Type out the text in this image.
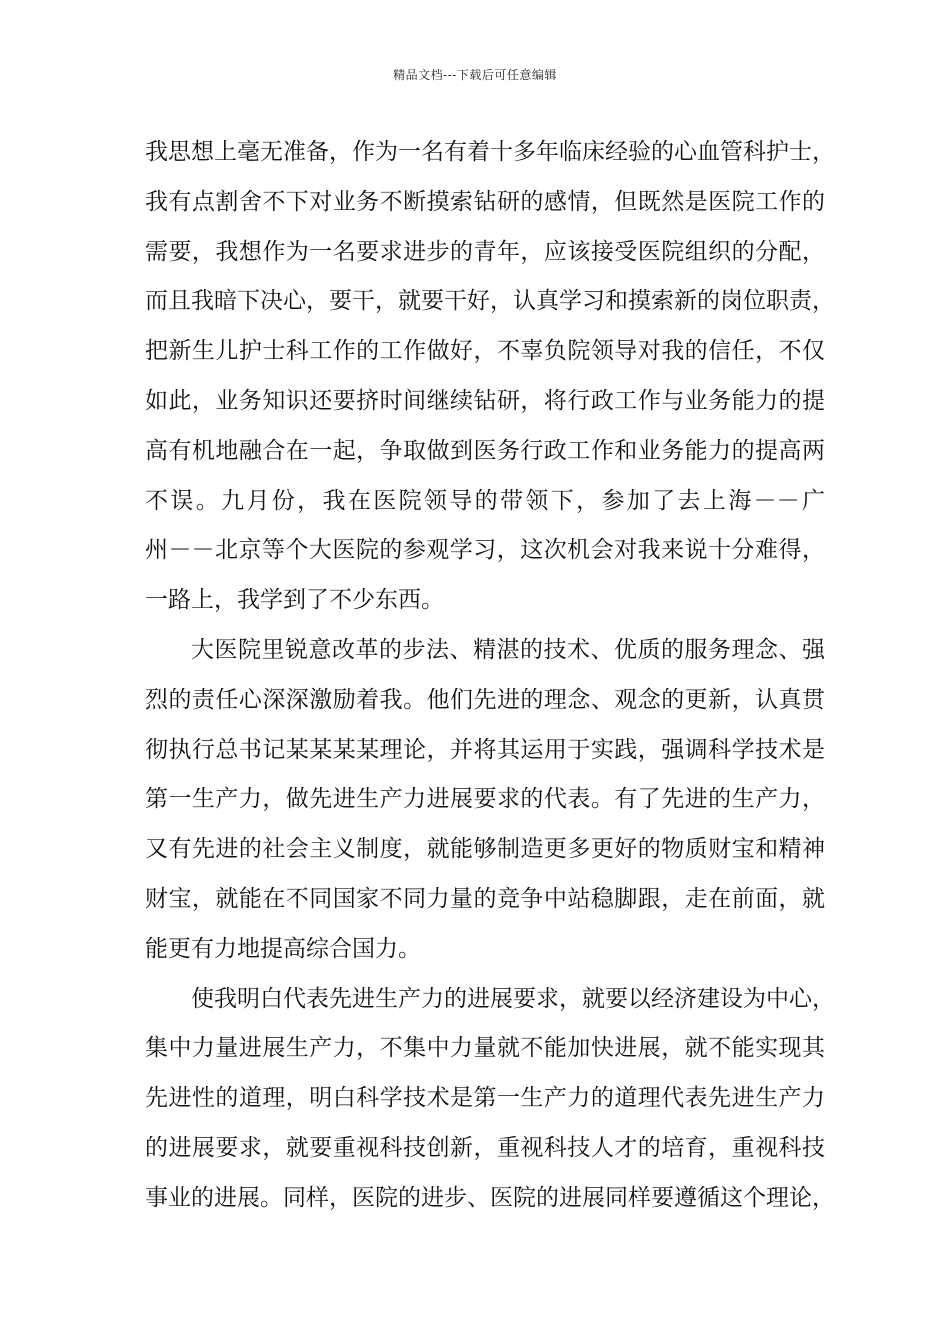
精品文档---下载后可任意编辑
我思想上毫无准备，作为一名有着十多年临床经验的心血管科护士，
我有点割舍不下对业务不断摸索钻研的感情，但既然是医院工作的
需要，我想作为一名要求进步的青年，应该接受医院组织的分配，
而且我暗下决心，要干，就要干好，认真学习和摸索新的岗位职责，
把新生儿护士科工作的工作做好，不辜负院领导对我的信任，不仅
如此，业务知识还要挤时间继续钻研，将行政工作与业务能力的提
高有机地融合在一起，争取做到医务行政工作和业务能力的提高两
不误。九月份，我在医院领导的带领下，参加了去上海－－广
州－－北京等个大医院的参观学习，这次机会对我来说十分难得，
一路上，我学到了不少东西。
大医院里锐意改革的步法、精湛的技术、优质的服务理念、强
烈的责任心深深激励着我。他们先进的理念、观念的更新，认真贯
彻执行总书记某某某某理论，并将其运用于实践，强调科学技术是
第一生产力，做先进生产力进展要求的代表。有了先进的生产力，
又有先进的社会主义制度，就能够制造更多更好的物质财宝和精神
财宝，就能在不同国家不同力量的竞争中站稳脚跟，走在前面，就
能更有力地提高综合国力。
使我明白代表先进生产力的进展要求，就要以经济建设为中心，
集中力量进展生产力，不集中力量就不能加快进展，就不能实现其
先进性的道理，明白科学技术是第一生产力的道理代表先进生产力
的进展要求，就要重视科技创新，重视科技人才的培育，重视科技
事业的进展。同样，医院的进步、医院的进展同样要遵循这个理论，
